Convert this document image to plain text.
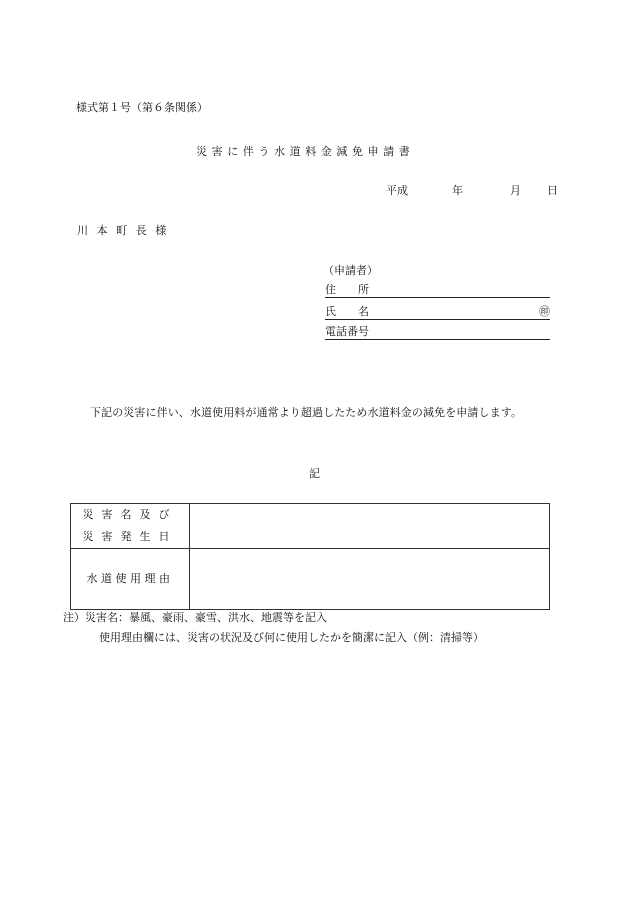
様式第１号（第６条関係）
災害に伴う水道料金減免申請書
平成	年	月 日
川本町長様
（申請者）
住　　所
氏　　名	㊞
電話番号
下記の災害に伴い、水道使用料が通常より超過したため水道料金の減免を申請します。
記
災害名及び
災害発生日	

水道使用理由	

注）災害名：暴風、豪雨、豪雪、洪水、地震等を記入
使用理由欄には、災害の状況及び何に使用したかを簡潔に記入（例：清掃等）
